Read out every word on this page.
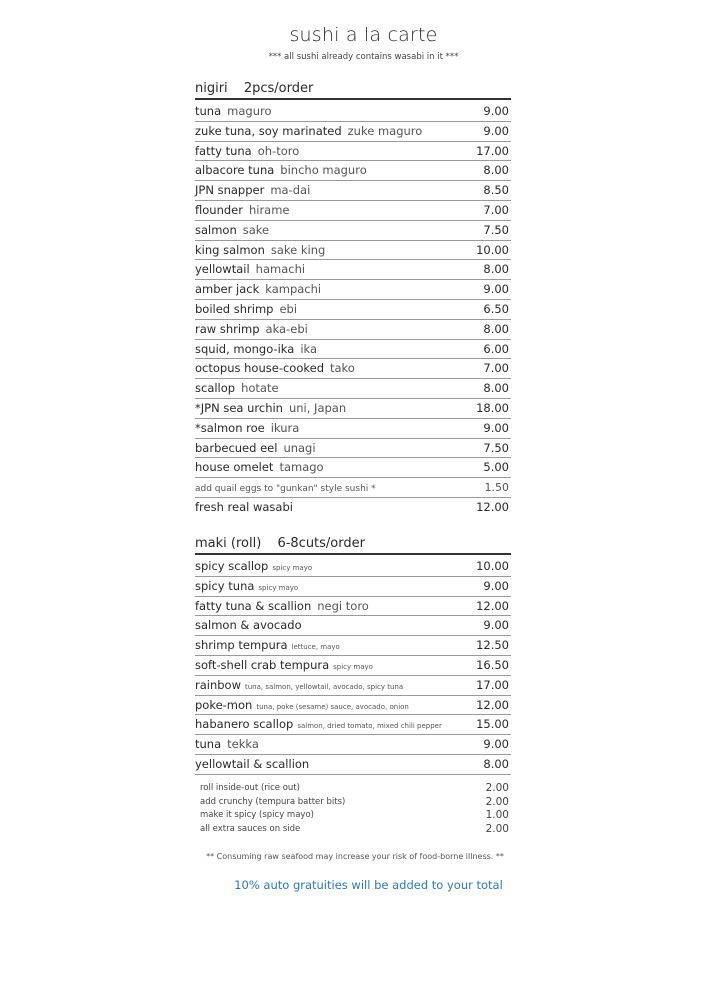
sushi a la carte
*** all sushi already contains wasabi in it ***
nigiri 2pcs/order
tuna maguro	9.00
zuke tuna, soy marinated zuke maguro	9.00
fatty tuna oh-toro	17.00
albacore tuna bincho maguro	8.00
JPN snapper ma-dai	8.50
flounder hirame	7.00
salmon sake	7.50
king salmon sake king	10.00
yellowtail hamachi	8.00
amber jack kampachi	9.00
boiled shrimp ebi	6.50
raw shrimp aka-ebi	8.00
squid, mongo-ika ika	6.00
octopus house-cooked tako	7.00
scallop hotate	8.00
*JPN sea urchin uni, Japan	18.00
*salmon roe ikura	9.00
barbecued eel unagi	7.50
house omelet tamago	5.00
add quail eggs to "gunkan" style sushi *	1.50
fresh real wasabi	12.00
maki (roll) 6-8cuts/order
spicy scallop spicy mayo	10.00
spicy tuna spicy mayo	9.00
fatty tuna & scallion negi toro	12.00
salmon & avocado	9.00
shrimp tempura lettuce, mayo	12.50
soft-shell crab tempura spicy mayo	16.50
rainbow tuna, salmon, yellowtail, avocado, spicy tuna	17.00
poke-mon tuna, poke (sesame) sauce, avocado, onion	12.00
habanero scallop salmon, dried tomato, mixed chili pepper	15.00
tuna tekka	9.00
yellowtail & scallion	8.00
roll inside-out (rice out)	2.00
add crunchy (tempura batter bits)	2.00
make it spicy (spicy mayo)	1.00
all extra sauces on side	2.00
** Consuming raw seafood may increase your risk of food-borne illness. **
10% auto gratuities will be added to your total
